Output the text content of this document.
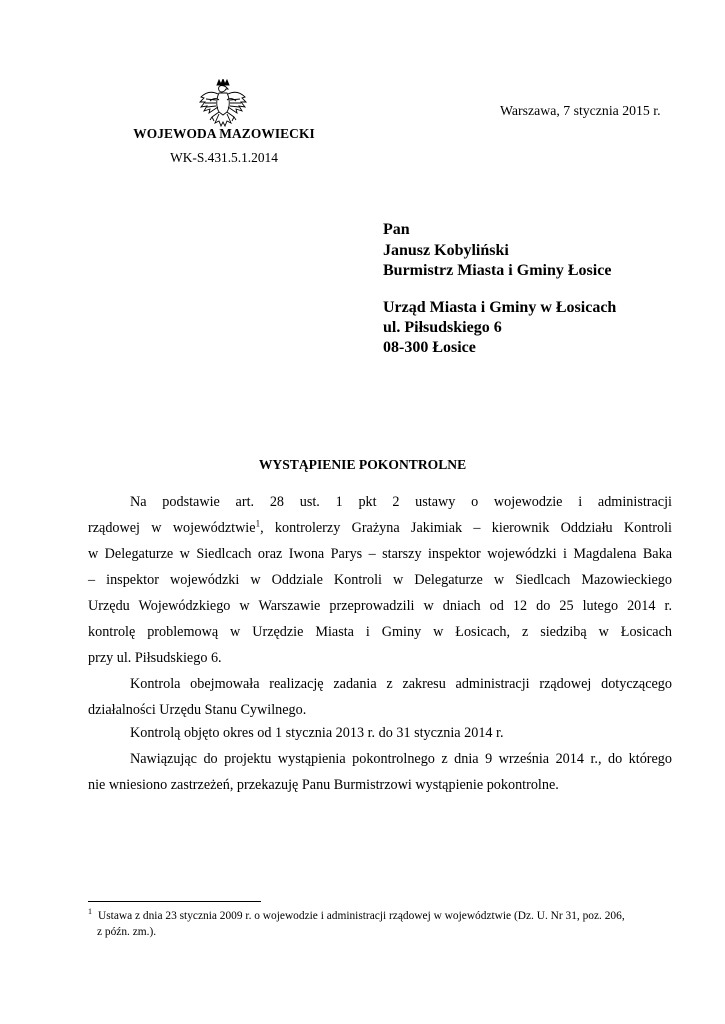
WOJEWODA MAZOWIECKI
WK-S.431.5.1.2014
Warszawa, 7 stycznia 2015 r.
Pan
Janusz Kobyliński
Burmistrz Miasta i Gminy Łosice
Urząd Miasta i Gminy w Łosicach
ul. Piłsudskiego 6
08-300 Łosice
WYSTĄPIENIE POKONTROLNE
Na podstawie art. 28 ust. 1 pkt 2 ustawy o wojewodzie i administracji
rządowej w województwie$^1$, kontrolerzy Grażyna Jakimiak – kierownik Oddziału Kontroli
w Delegaturze w Siedlcach oraz Iwona Parys – starszy inspektor wojewódzki i Magdalena Baka
– inspektor wojewódzki w Oddziale Kontroli w Delegaturze w Siedlcach Mazowieckiego
Urzędu Wojewódzkiego w Warszawie przeprowadzili w dniach od 12 do 25 lutego 2014 r.
kontrolę problemową w Urzędzie Miasta i Gminy w Łosicach, z siedzibą w Łosicach
przy ul. Piłsudskiego 6.
Kontrola obejmowała realizację zadania z zakresu administracji rządowej dotyczącego
działalności Urzędu Stanu Cywilnego.
Kontrolą objęto okres od 1 stycznia 2013 r. do 31 stycznia 2014 r.
Nawiązując do projektu wystąpienia pokontrolnego z dnia 9 września 2014 r., do którego
nie wniesiono zastrzeżeń, przekazuję Panu Burmistrzowi wystąpienie pokontrolne.
$^1$ Ustawa z dnia 23 stycznia 2009 r. o wojewodzie i administracji rządowej w województwie (Dz. U. Nr 31, poz. 206,
z późn. zm.).
